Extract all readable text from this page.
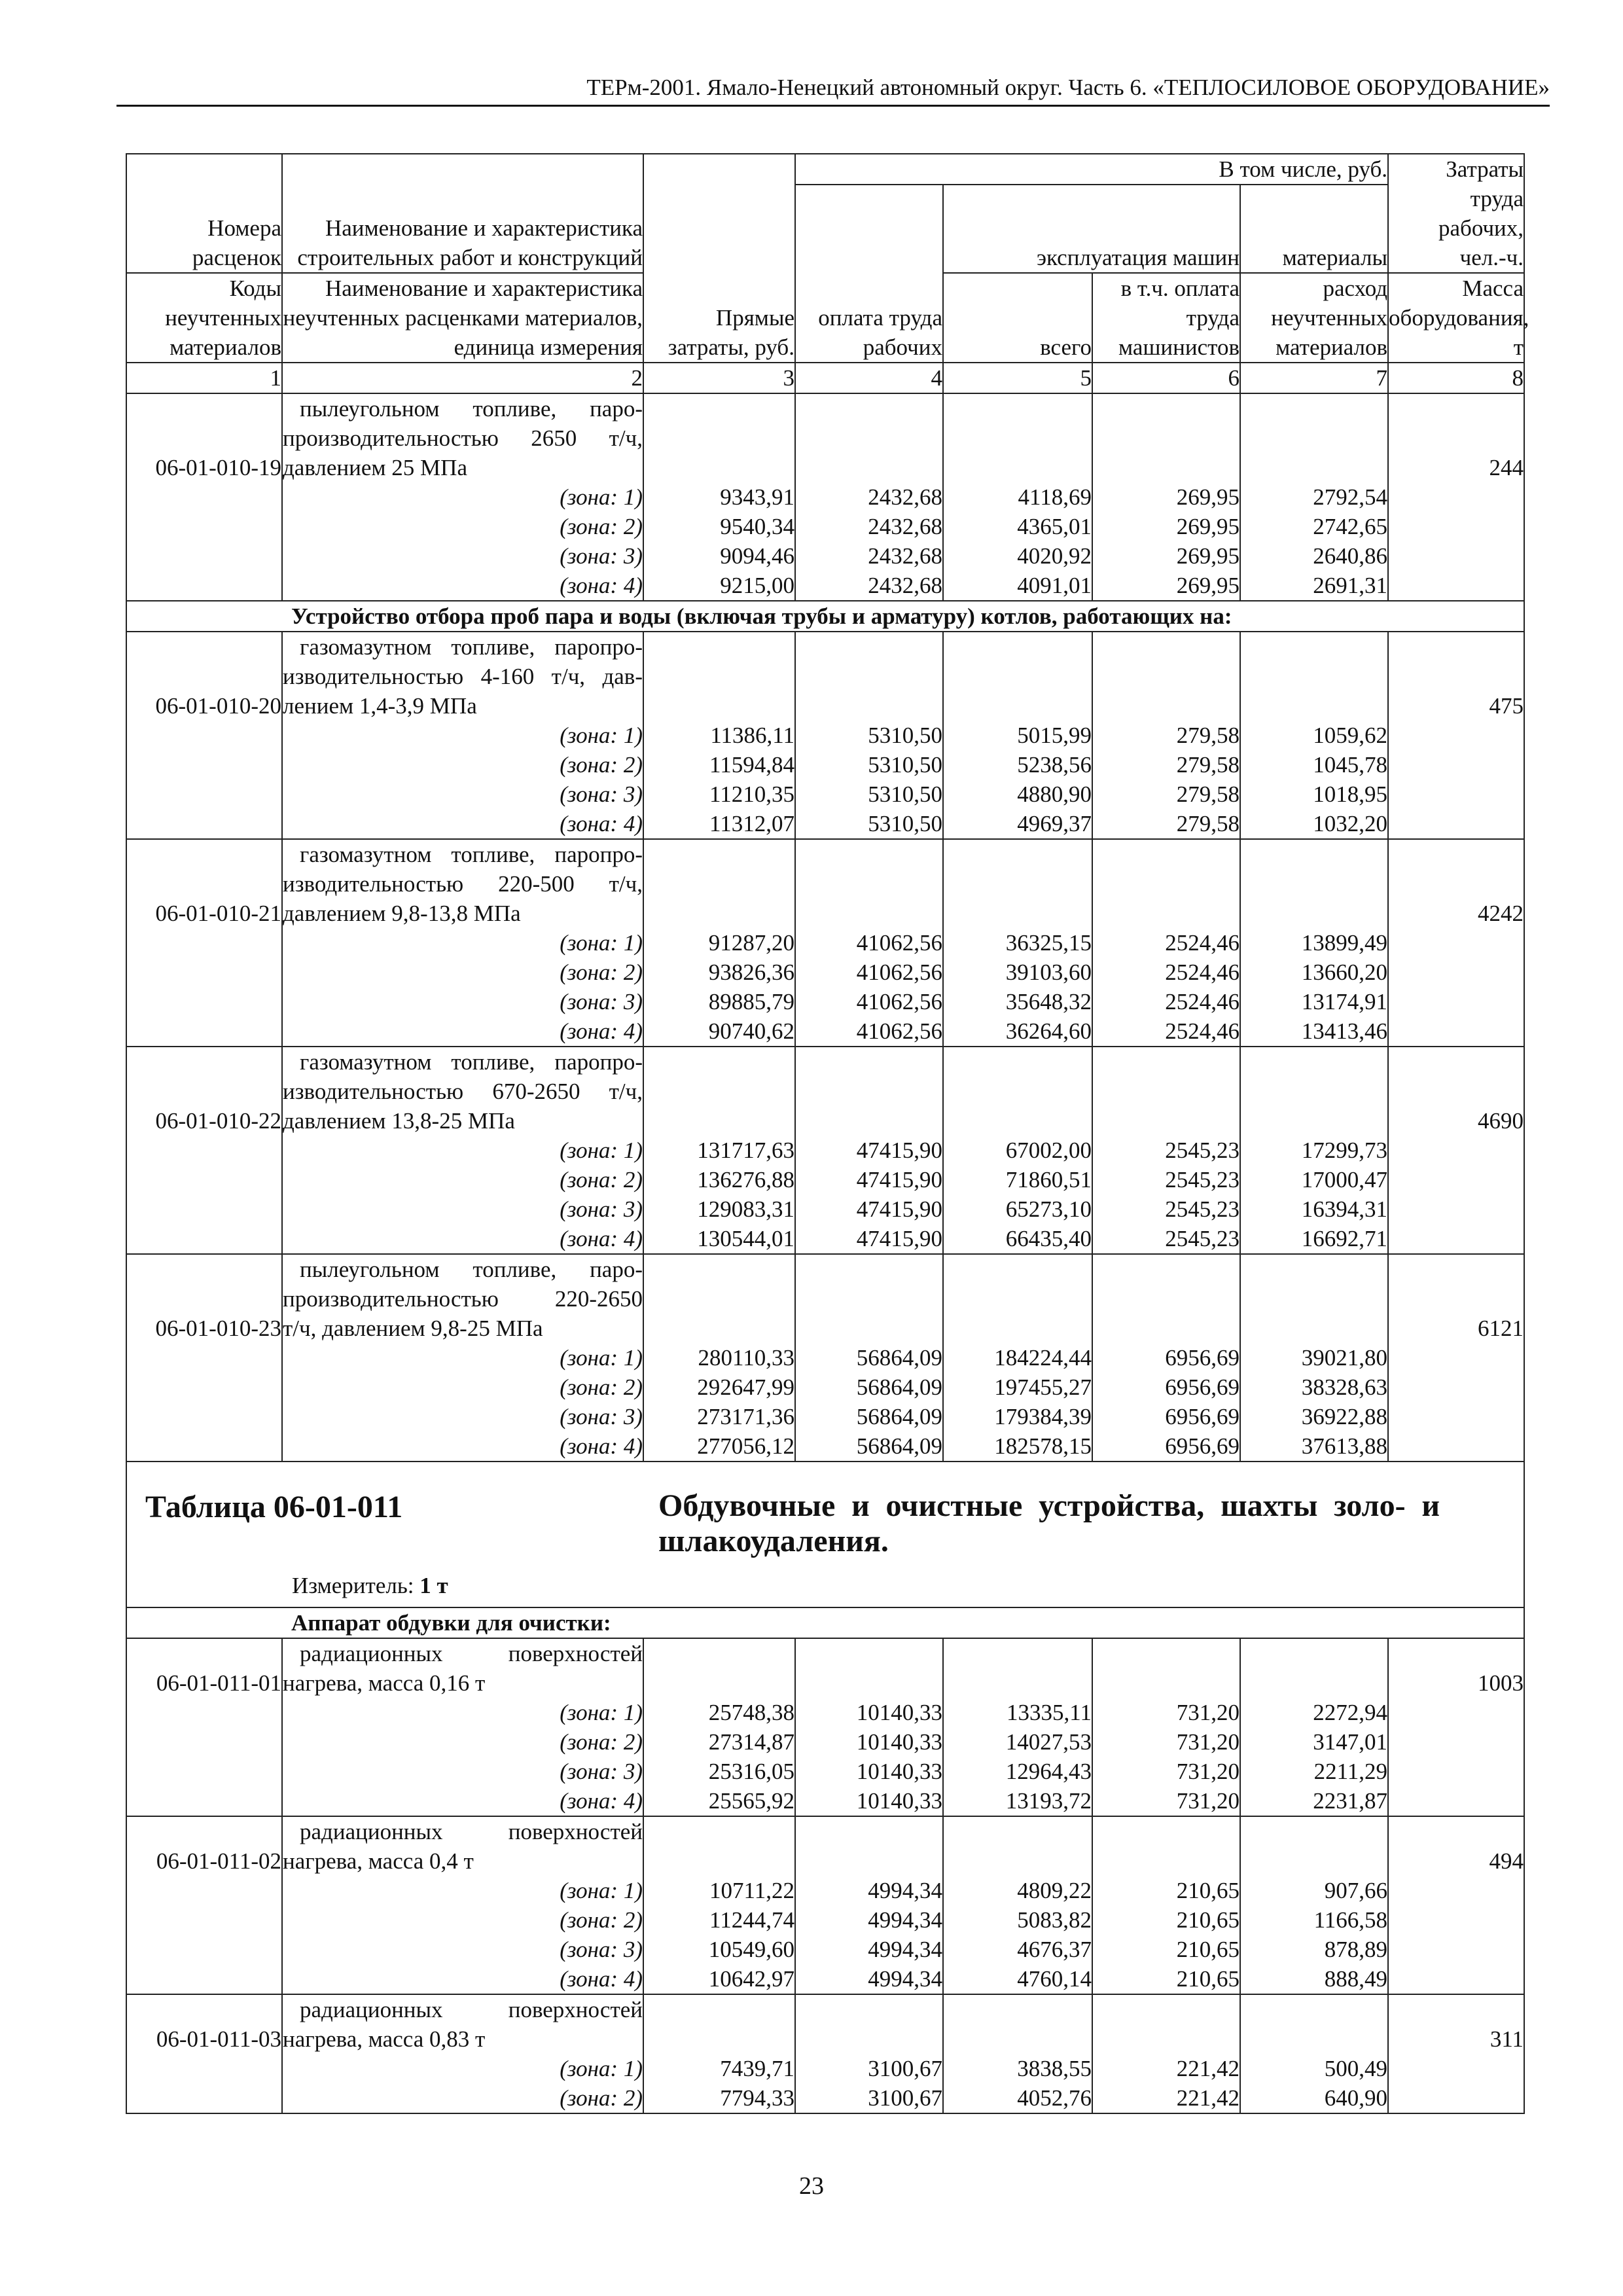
ТЕРм-2001. Ямало-Ненецкий автономный округ. Часть 6. «ТЕПЛОСИЛОВОЕ ОБОРУДОВАНИЕ»
Номера расценок	Наименование и характеристика строительных работ и конструкций	Прямые затраты, руб.	В том числе, руб.				Затраты труда рабочих, чел.-ч.
			оплата труда рабочих	эксплуатация машин		материалы	
Коды неучтенных материалов	Наименование и характеристика неучтенных расценками материалов, единица измерения			всего	в т.ч. оплата труда машинистов	расход неучтенных материалов	Масса оборудования, т
1	2	3	4	5	6	7	8
06-01-010-19	пылеугольном топливе, паро-
производительностью 2650 т/ч,
давлением 25 МПа						244
	(зона: 1)	9343,91	2432,68	4118,69	269,95	2792,54	
	(зона: 2)	9540,34	2432,68	4365,01	269,95	2742,65	
	(зона: 3)	9094,46	2432,68	4020,92	269,95	2640,86	
	(зона: 4)	9215,00	2432,68	4091,01	269,95	2691,31	
	Устройство отбора проб пара и воды (включая трубы и арматуру) котлов, работающих на:						
06-01-010-20	газомазутном топливе, паропро-
изводительностью 4-160 т/ч, дав-
лением 1,4-3,9 МПа						475
	(зона: 1)	11386,11	5310,50	5015,99	279,58	1059,62	
	(зона: 2)	11594,84	5310,50	5238,56	279,58	1045,78	
	(зона: 3)	11210,35	5310,50	4880,90	279,58	1018,95	
	(зона: 4)	11312,07	5310,50	4969,37	279,58	1032,20	
06-01-010-21	газомазутном топливе, паропро-
изводительностью 220-500 т/ч,
давлением 9,8-13,8 МПа						4242
	(зона: 1)	91287,20	41062,56	36325,15	2524,46	13899,49	
	(зона: 2)	93826,36	41062,56	39103,60	2524,46	13660,20	
	(зона: 3)	89885,79	41062,56	35648,32	2524,46	13174,91	
	(зона: 4)	90740,62	41062,56	36264,60	2524,46	13413,46	
06-01-010-22	газомазутном топливе, паропро-
изводительностью 670-2650 т/ч,
давлением 13,8-25 МПа						4690
	(зона: 1)	131717,63	47415,90	67002,00	2545,23	17299,73	
	(зона: 2)	136276,88	47415,90	71860,51	2545,23	17000,47	
	(зона: 3)	129083,31	47415,90	65273,10	2545,23	16394,31	
	(зона: 4)	130544,01	47415,90	66435,40	2545,23	16692,71	
06-01-010-23	пылеугольном топливе, паро-
производительностью 220-2650
т/ч, давлением 9,8-25 МПа						6121
	(зона: 1)	280110,33	56864,09	184224,44	6956,69	39021,80	
	(зона: 2)	292647,99	56864,09	197455,27	6956,69	38328,63	
	(зона: 3)	273171,36	56864,09	179384,39	6956,69	36922,88	
	(зона: 4)	277056,12	56864,09	182578,15	6956,69	37613,88	

Таблица 06-01-011 Обдувочные и очистные устройства, шахты золо- и шлакоудаления.
Измеритель: 1 т							

	Аппарат обдувки для очистки:						
06-01-011-01	радиационных поверхностей
нагрева, масса 0,16 т						1003
	(зона: 1)	25748,38	10140,33	13335,11	731,20	2272,94	
	(зона: 2)	27314,87	10140,33	14027,53	731,20	3147,01	
	(зона: 3)	25316,05	10140,33	12964,43	731,20	2211,29	
	(зона: 4)	25565,92	10140,33	13193,72	731,20	2231,87	
06-01-011-02	радиационных поверхностей
нагрева, масса 0,4 т						494
	(зона: 1)	10711,22	4994,34	4809,22	210,65	907,66	
	(зона: 2)	11244,74	4994,34	5083,82	210,65	1166,58	
	(зона: 3)	10549,60	4994,34	4676,37	210,65	878,89	
	(зона: 4)	10642,97	4994,34	4760,14	210,65	888,49	
06-01-011-03	радиационных поверхностей
нагрева, масса 0,83 т						311
	(зона: 1)	7439,71	3100,67	3838,55	221,42	500,49	
	(зона: 2)	7794,33	3100,67	4052,76	221,42	640,90	
23
